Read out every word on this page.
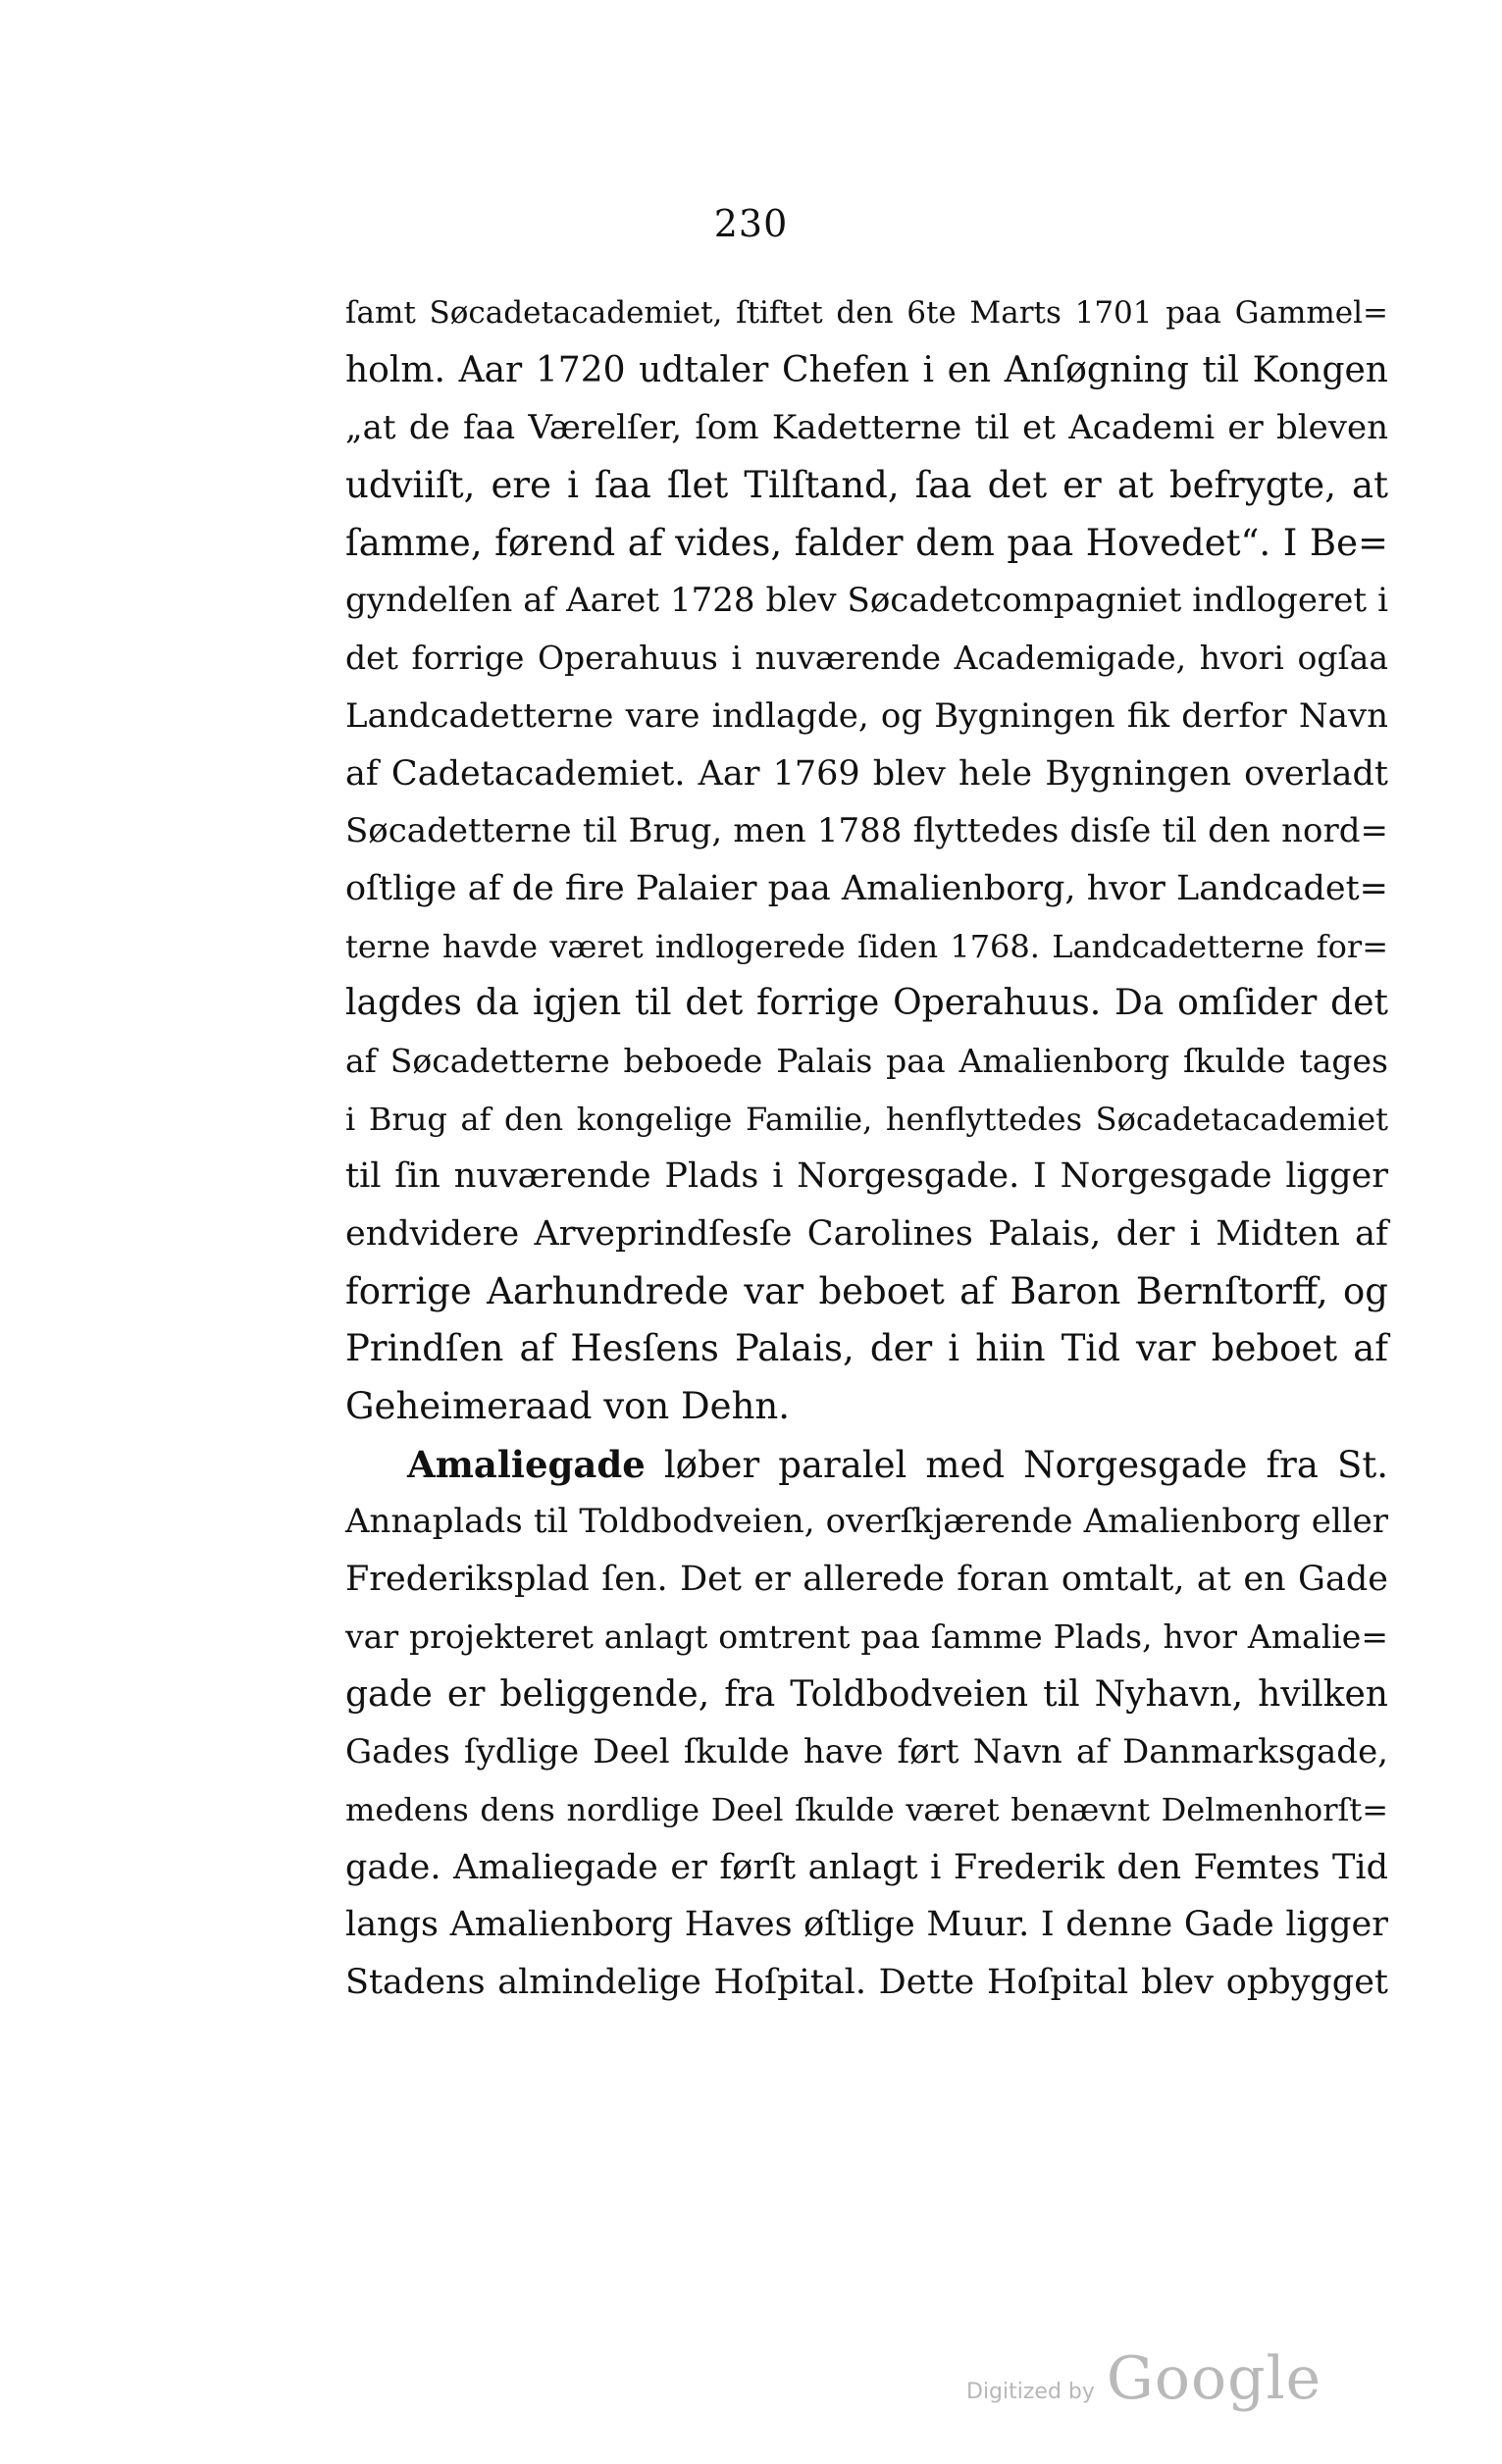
230
ſamt Søcadetacademiet, ſtiftet den 6te Marts 1701 paa Gammel=
holm. Aar 1720 udtaler Chefen i en Anſøgning til Kongen
„at de faa Værelſer, ſom Kadetterne til et Academi er bleven
udviiſt, ere i ſaa ſlet Tilſtand, ſaa det er at befrygte, at
ſamme, førend af vides, falder dem paa Hovedet“. I Be=
gyndelſen af Aaret 1728 blev Søcadetcompagniet indlogeret i
det forrige Operahuus i nuværende Academigade, hvori ogſaa
Landcadetterne vare indlagde, og Bygningen fik derfor Navn
af Cadetacademiet. Aar 1769 blev hele Bygningen overladt
Søcadetterne til Brug, men 1788 flyttedes disſe til den nord=
oſtlige af de fire Palaier paa Amalienborg, hvor Landcadet=
terne havde været indlogerede ſiden 1768. Landcadetterne for=
lagdes da igjen til det forrige Operahuus. Da omſider det
af Søcadetterne beboede Palais paa Amalienborg ſkulde tages
i Brug af den kongelige Familie, henflyttedes Søcadetacademiet
til ſin nuværende Plads i Norgesgade. I Norgesgade ligger
endvidere Arveprindſesſe Carolines Palais, der i Midten af
forrige Aarhundrede var beboet af Baron Bernſtorff, og
Prindſen af Hesſens Palais, der i hiin Tid var beboet af
Geheimeraad von Dehn.
Amaliegade løber paralel med Norgesgade fra St.
Annaplads til Toldbodveien, overſkjærende Amalienborg eller
Frederiksplad ſen. Det er allerede foran omtalt, at en Gade
var projekteret anlagt omtrent paa ſamme Plads, hvor Amalie=
gade er beliggende, fra Toldbodveien til Nyhavn, hvilken
Gades ſydlige Deel ſkulde have ført Navn af Danmarksgade,
medens dens nordlige Deel ſkulde været benævnt Delmenhorſt=
gade. Amaliegade er førſt anlagt i Frederik den Femtes Tid
langs Amalienborg Haves øſtlige Muur. I denne Gade ligger
Stadens almindelige Hoſpital. Dette Hoſpital blev opbygget
Digitized by Google
